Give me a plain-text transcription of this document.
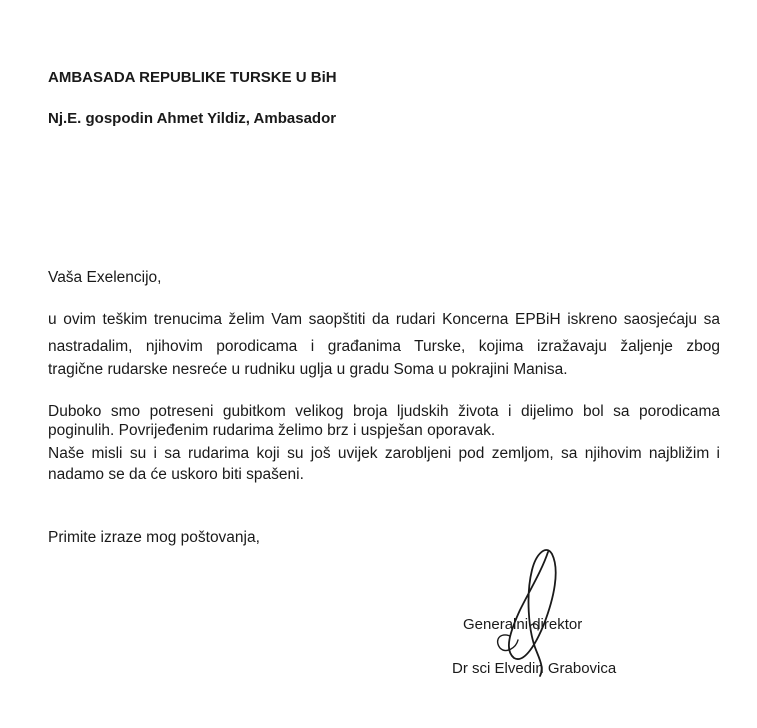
AMBASADA REPUBLIKE TURSKE U BiH
Nj.E. gospodin Ahmet Yildiz, Ambasador
Vaša Exelencijo,
u ovim teškim trenucima želim Vam saopštiti da rudari Koncerna EPBiH iskreno saosjećaju sa
nastradalim, njihovim porodicama i građanima Turske, kojima izražavaju žaljenje zbog
tragične rudarske nesreće u rudniku uglja u gradu Soma u pokrajini Manisa.
Duboko smo potreseni gubitkom velikog broja ljudskih života i dijelimo bol sa porodicama
poginulih. Povrijeđenim rudarima želimo brz i uspješan oporavak.
Naše misli su i sa rudarima koji su još uvijek zarobljeni pod zemljom, sa njihovim najbližim i
nadamo se da će uskoro biti spašeni.
Primite izraze mog poštovanja,
Generalni direktor
Dr sci Elvedin Grabovica
